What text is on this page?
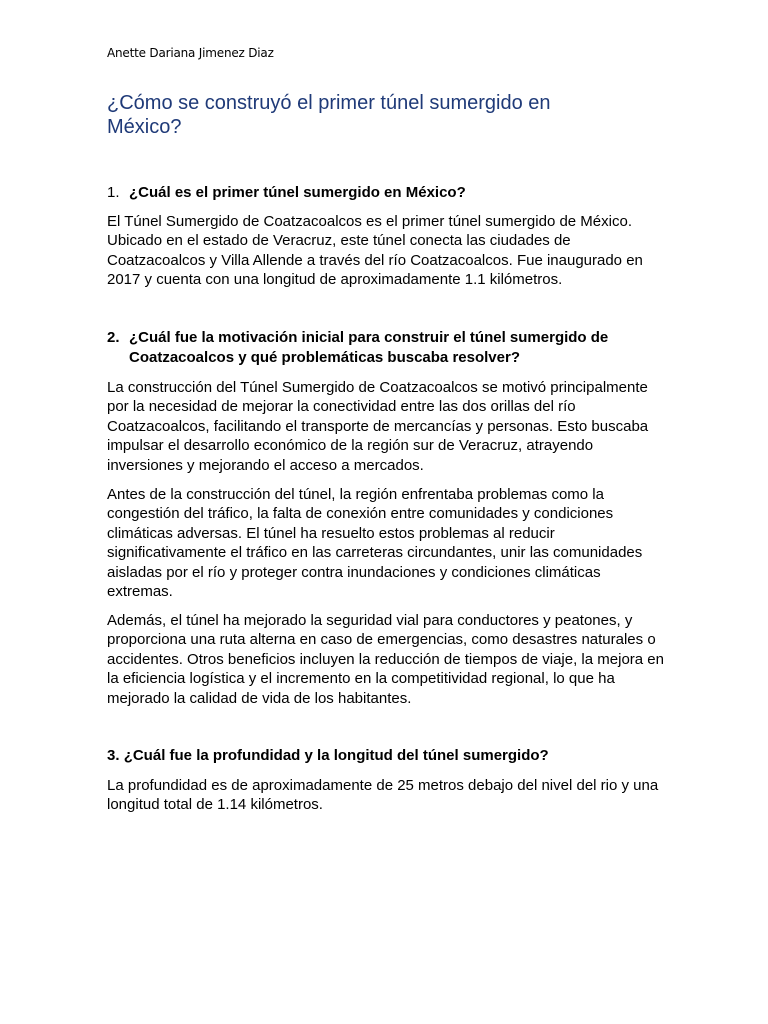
Anette Dariana Jimenez Diaz
¿Cómo se construyó el primer túnel sumergido en México?
1. ¿Cuál es el primer túnel sumergido en México?

El Túnel Sumergido de Coatzacoalcos es el primer túnel sumergido de México. Ubicado en el estado de Veracruz, este túnel conecta las ciudades de Coatzacoalcos y Villa Allende a través del río Coatzacoalcos. Fue inaugurado en 2017 y cuenta con una longitud de aproximadamente 1.1 kilómetros.

2. ¿Cuál fue la motivación inicial para construir el túnel sumergido de Coatzacoalcos y qué problemáticas buscaba resolver?

La construcción del Túnel Sumergido de Coatzacoalcos se motivó principalmente por la necesidad de mejorar la conectividad entre las dos orillas del río Coatzacoalcos, facilitando el transporte de mercancías y personas. Esto buscaba impulsar el desarrollo económico de la región sur de Veracruz, atrayendo inversiones y mejorando el acceso a mercados.

Antes de la construcción del túnel, la región enfrentaba problemas como la congestión del tráfico, la falta de conexión entre comunidades y condiciones climáticas adversas. El túnel ha resuelto estos problemas al reducir significativamente el tráfico en las carreteras circundantes, unir las comunidades aisladas por el río y proteger contra inundaciones y condiciones climáticas extremas.

Además, el túnel ha mejorado la seguridad vial para conductores y peatones, y proporciona una ruta alterna en caso de emergencias, como desastres naturales o accidentes. Otros beneficios incluyen la reducción de tiempos de viaje, la mejora en la eficiencia logística y el incremento en la competitividad regional, lo que ha mejorado la calidad de vida de los habitantes.

3. ¿Cuál fue la profundidad y la longitud del túnel sumergido?

La profundidad es de aproximadamente de 25 metros debajo del nivel del rio y una longitud total de 1.14 kilómetros.
